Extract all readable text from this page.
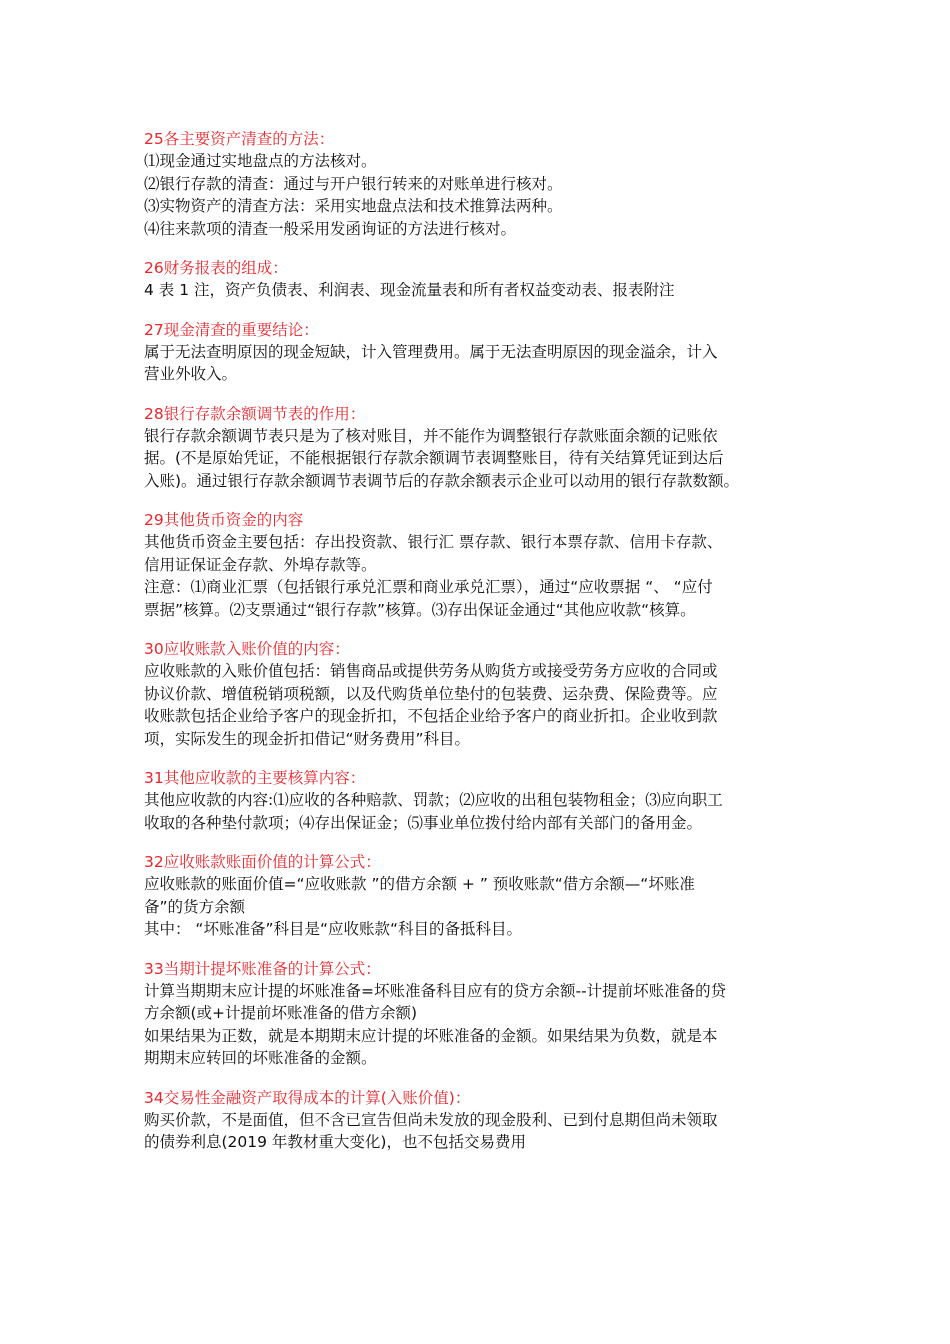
25各主要资产清查的方法：
⑴现金通过实地盘点的方法核对。
⑵银行存款的清查：通过与开户银行转来的对账单进行核对。
⑶实物资产的清查方法：采用实地盘点法和技术推算法两种。
⑷往来款项的清查一般采用发函询证的方法进行核对。
26财务报表的组成：
4 表 1 注，资产负债表、利润表、现金流量表和所有者权益变动表、报表附注
27现金清查的重要结论：
属于无法查明原因的现金短缺，计入管理费用。属于无法查明原因的现金溢余，计入
营业外收入。
28银行存款余额调节表的作用：
银行存款余额调节表只是为了核对账目，并不能作为调整银行存款账面余额的记账依
据。(不是原始凭证，不能根据银行存款余额调节表调整账目，待有关结算凭证到达后
入账)。通过银行存款余额调节表调节后的存款余额表示企业可以动用的银行存款数额。
29其他货币资金的内容
其他货币资金主要包括：存出投资款、银行汇 票存款、银行本票存款、信用卡存款、
信用证保证金存款、外埠存款等。
注意：⑴商业汇票（包括银行承兑汇票和商业承兑汇票），通过“应收票据 “、 “应付
票据”核算。⑵支票通过“银行存款”核算。⑶存出保证金通过“其他应收款“核算。
30应收账款入账价值的内容：
应收账款的入账价值包括：销售商品或提供劳务从购货方或接受劳务方应收的合同或
协议价款、增值税销项税额，以及代购货单位垫付的包装费、运杂费、保险费等。应
收账款包括企业给予客户的现金折扣，不包括企业给予客户的商业折扣。企业收到款
项，实际发生的现金折扣借记“财务费用”科目。
31其他应收款的主要核算内容：
其他应收款的内容:⑴应收的各种赔款、罚款；⑵应收的出租包装物租金；⑶应向职工
收取的各种垫付款项；⑷存出保证金；⑸事业单位拨付给内部有关部门的备用金。
32应收账款账面价值的计算公式：
应收账款的账面价值=“应收账款 ”的借方余额 + ” 预收账款“借方余额—“坏账准
备”的货方余额
其中： “坏账准备”科目是“应收账款“科目的备抵科目。
33当期计提坏账准备的计算公式：
计算当期期末应计提的坏账准备=坏账准备科目应有的贷方余额--计提前坏账准备的贷
方余额(或+计提前坏账准备的借方余额)
如果结果为正数，就是本期期末应计提的坏账准备的金额。如果结果为负数，就是本
期期末应转回的坏账准备的金额。
34交易性金融资产取得成本的计算(入账价值)：
购买价款，不是面值，但不含已宣告但尚未发放的现金股利、已到付息期但尚未领取
的债券利息(2019 年教材重大变化)，也不包括交易费用
